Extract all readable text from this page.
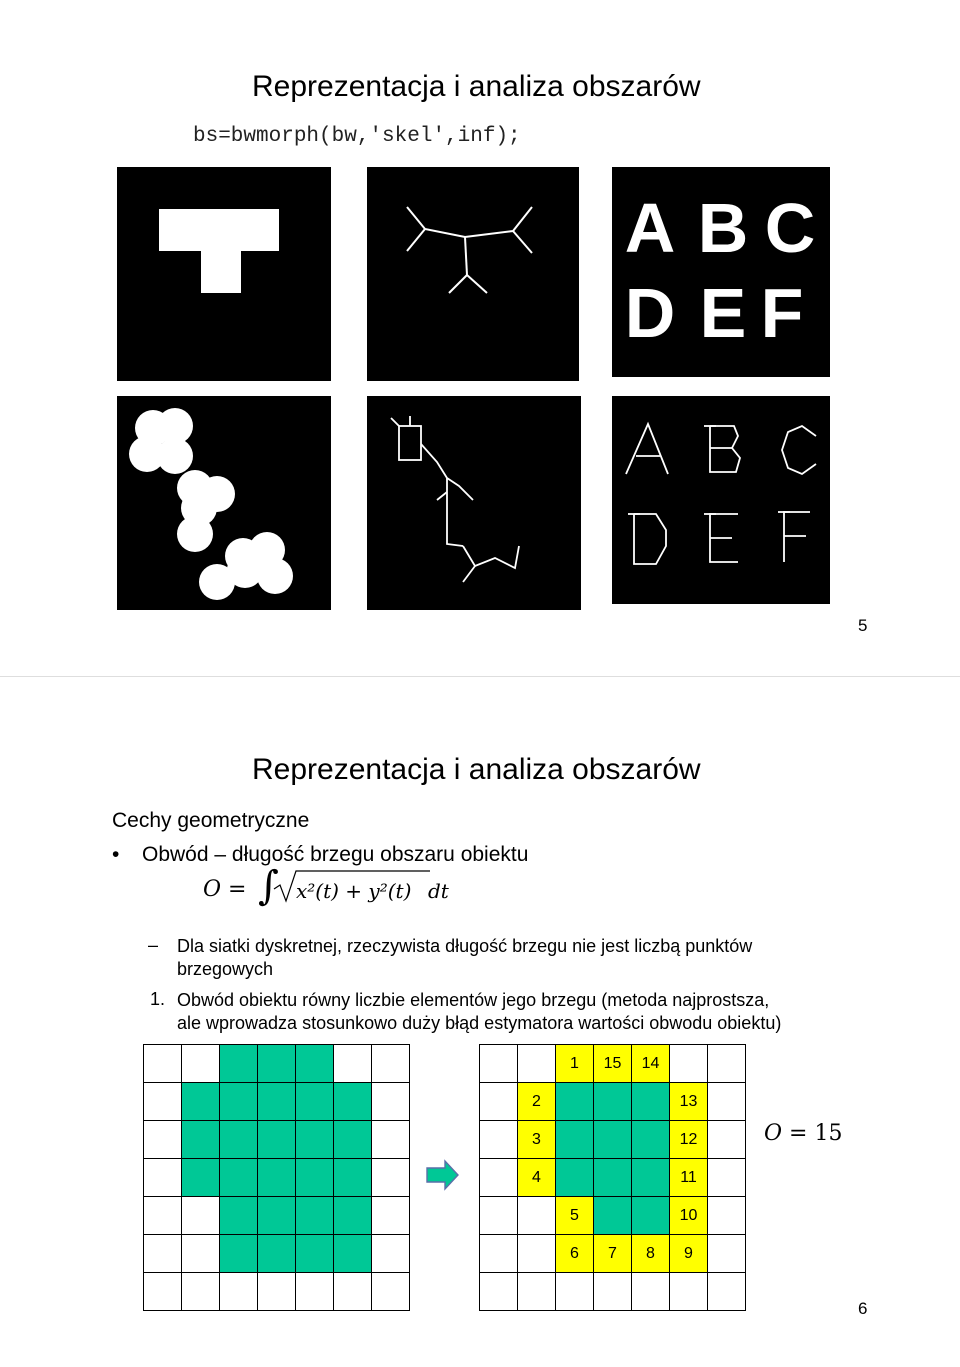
Reprezentacja i analiza obszarów
bs=bwmorph(bw,'skel',inf);
A B C
D E F
5
Reprezentacja i analiza obszarów
Cechy geometryczne
• Obwód – długość brzegu obszaru obiektu
O = ∫ x²(t) + y²(t) dt
– Dla siatki dyskretnej, rzeczywista długość brzegu nie jest liczbą punktów
brzegowych
1. Obwód obiektu równy liczbie elementów jego brzegu (metoda najprostsza,
ale wprowadza stosunkowo duży błąd estymatora wartości obwodu obiektu)

		1	15	14		
	2				13	
	3				12	
	4				11	
		5			10	
		6	7	8	9	

O = 15
6
